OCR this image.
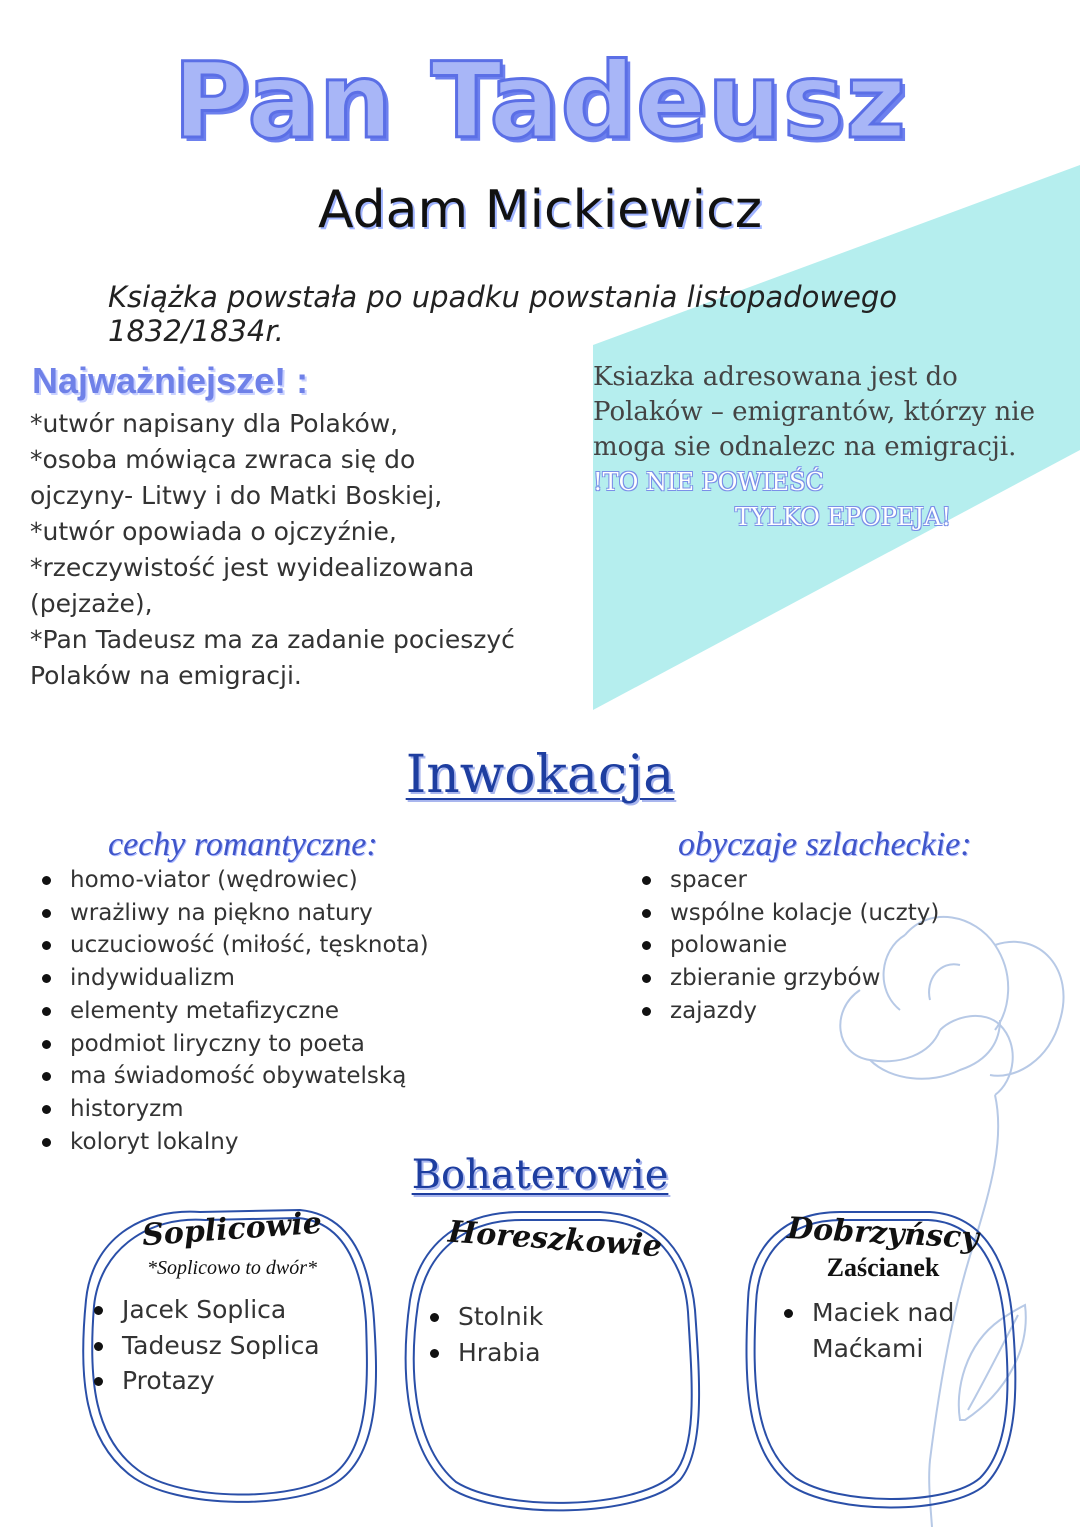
Pan Tadeusz
Adam Mickiewicz
Książka powstała po upadku powstania listopadowego 1832/1834r.
Najważniejsze! :

*utwór napisany dla Polaków,

*osoba mówiąca zwraca się do

ojczyny- Litwy i do Matki Boskiej,

*utwór opowiada o ojczyźnie,

*rzeczywistość jest wyidealizowana (pejzaże),

*Pan Tadeusz ma za zadanie pocieszyć

Polaków na emigracji.

Ksiazka adresowana jest do Polaków – emigrantów, którzy nie moga sie odnalezc na emigracji. !TO NIE POWIEŚĆ
TYLKO EPOPEJA!
Inwokacja
cechy romantyczne:
homo-viator (wędrowiec)
wrażliwy na piękno natury
uczuciowość (miłość, tęsknota)
indywidualizm
elementy metafizyczne
podmiot liryczny to poeta
ma świadomość obywatelską
historyzm
koloryt lokalny
obyczaje szlacheckie:
spacer
wspólne kolacje (uczty)
polowanie
zbieranie grzybów
zajazdy
Bohaterowie
Soplicowie
*Soplicowo to dwór*
Jacek Soplica
Tadeusz Soplica
Protazy
Horeszkowie
Stolnik
Hrabia
Dobrzyńscy
Zaścianek
Maciek nad
Maćkami
